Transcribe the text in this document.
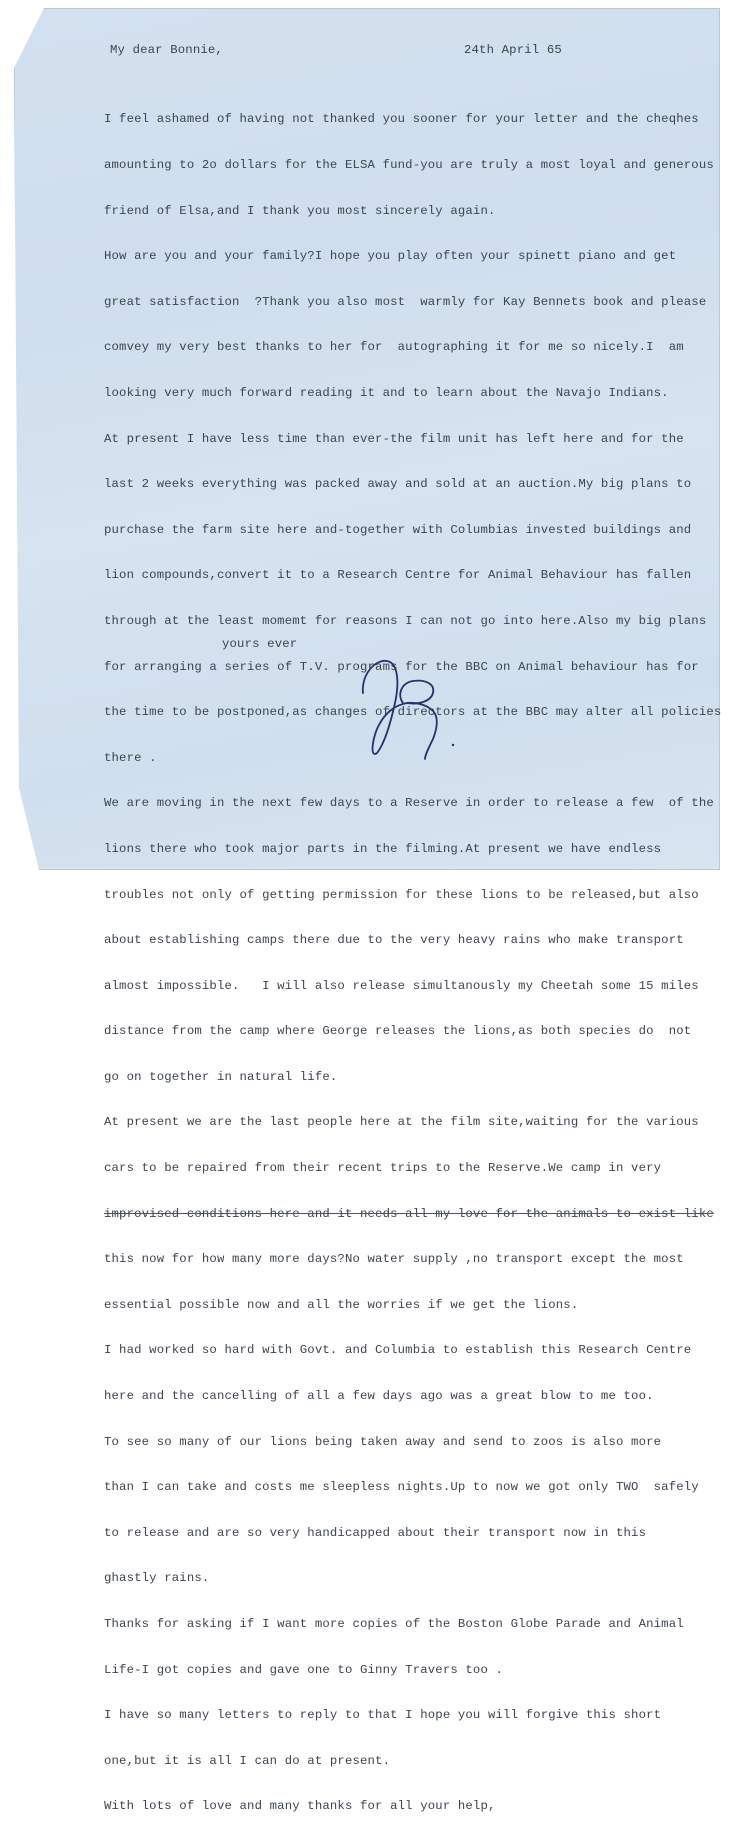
My dear Bonnie,	24th April 65

I feel ashamed of having not thanked you sooner for your letter and the cheqhes

amounting to 2o dollars for the ELSA fund-you are truly a most loyal and generous

friend of Elsa,and I thank you most sincerely again.

How are you and your family?I hope you play often your spinett piano and get

great satisfaction  ?Thank you also most  warmly for Kay Bennets book and please

comvey my very best thanks to her for  autographing it for me so nicely.I  am

looking very much forward reading it and to learn about the Navajo Indians.

At present I have less time than ever-the film unit has left here and for the

last 2 weeks everything was packed away and sold at an auction.My big plans to

purchase the farm site here and-together with Columbias invested buildings and

lion compounds,convert it to a Research Centre for Animal Behaviour has fallen

through at the least momemt for reasons I can not go into here.Also my big plans

for arranging a series of T.V. programs for the BBC on Animal behaviour has for

the time to be postponed,as changes of directors at the BBC may alter all policies

there .

We are moving in the next few days to a Reserve in order to release a few  of the

lions there who took major parts in the filming.At present we have endless

troubles not only of getting permission for these lions to be released,but also

about establishing camps there due to the very heavy rains who make transport

almost impossible.   I will also release simultanously my Cheetah some 15 miles

distance from the camp where George releases the lions,as both species do  not

go on together in natural life.

At present we are the last people here at the film site,waiting for the various

cars to be repaired from their recent trips to the Reserve.We camp in very

improvised conditions here and it needs all my love for the animals to exist like

this now for how many more days?No water supply ,no transport except the most

essential possible now and all the worries if we get the lions.

I had worked so hard with Govt. and Columbia to establish this Research Centre

here and the cancelling of all a few days ago was a great blow to me too.

To see so many of our lions being taken away and send to zoos is also more

than I can take and costs me sleepless nights.Up to now we got only TWO  safely

to release and are so very handicapped about their transport now in this

ghastly rains.

Thanks for asking if I want more copies of the Boston Globe Parade and Animal

Life-I got copies and gave one to Ginny Travers too .

I have so many letters to reply to that I hope you will forgive this short

one,but it is all I can do at present.

With lots of love and many thanks for all your help,

yours ever
